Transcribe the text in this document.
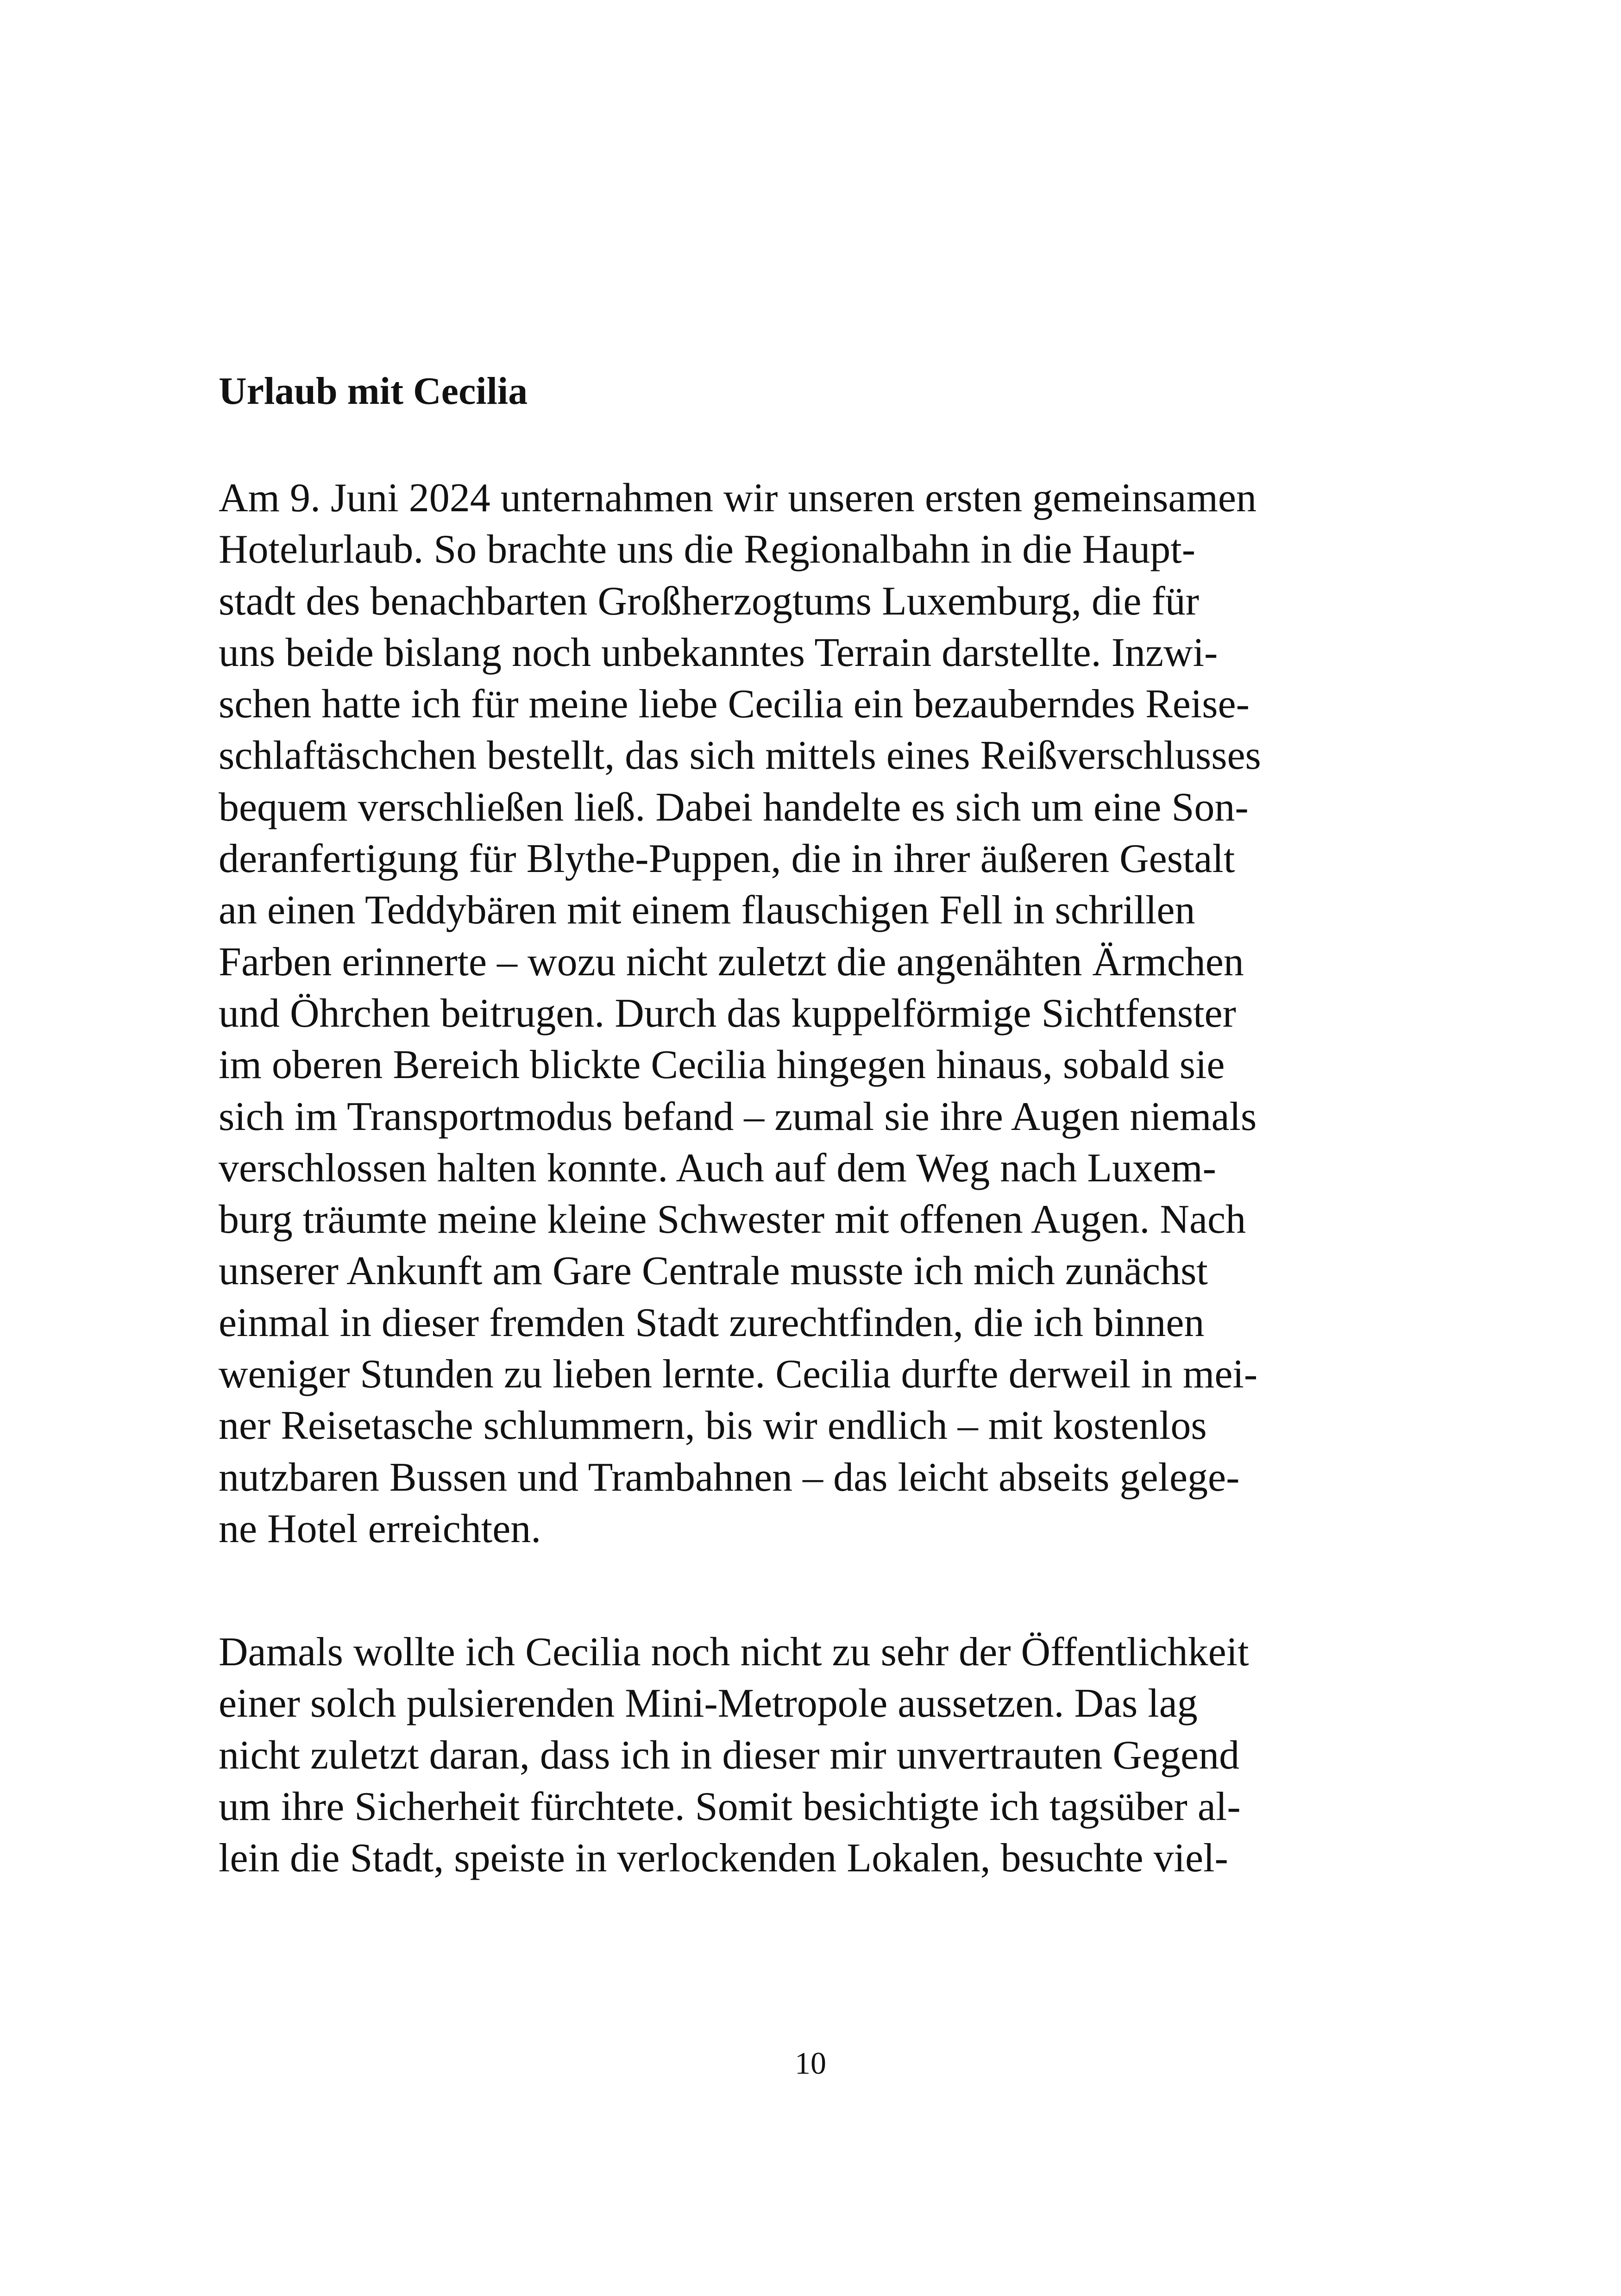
Urlaub mit Cecilia
Am 9. Juni 2024 unternahmen wir unseren ersten gemeinsamen
Hotelurlaub. So brachte uns die Regionalbahn in die Haupt-
stadt des benachbarten Großherzogtums Luxemburg, die für
uns beide bislang noch unbekanntes Terrain darstellte. Inzwi-
schen hatte ich für meine liebe Cecilia ein bezauberndes Reise-
schlaftäschchen bestellt, das sich mittels eines Reißverschlusses
bequem verschließen ließ. Dabei handelte es sich um eine Son-
deranfertigung für Blythe-Puppen, die in ihrer äußeren Gestalt
an einen Teddybären mit einem flauschigen Fell in schrillen
Farben erinnerte – wozu nicht zuletzt die angenähten Ärmchen
und Öhrchen beitrugen. Durch das kuppelförmige Sichtfenster
im oberen Bereich blickte Cecilia hingegen hinaus, sobald sie
sich im Transportmodus befand – zumal sie ihre Augen niemals
verschlossen halten konnte. Auch auf dem Weg nach Luxem-
burg träumte meine kleine Schwester mit offenen Augen. Nach
unserer Ankunft am Gare Centrale musste ich mich zunächst
einmal in dieser fremden Stadt zurechtfinden, die ich binnen
weniger Stunden zu lieben lernte. Cecilia durfte derweil in mei-
ner Reisetasche schlummern, bis wir endlich – mit kostenlos
nutzbaren Bussen und Trambahnen – das leicht abseits gelege-
ne Hotel erreichten.
Damals wollte ich Cecilia noch nicht zu sehr der Öffentlichkeit
einer solch pulsierenden Mini-Metropole aussetzen. Das lag
nicht zuletzt daran, dass ich in dieser mir unvertrauten Gegend
um ihre Sicherheit fürchtete. Somit besichtigte ich tagsüber al-
lein die Stadt, speiste in verlockenden Lokalen, besuchte viel-
10
